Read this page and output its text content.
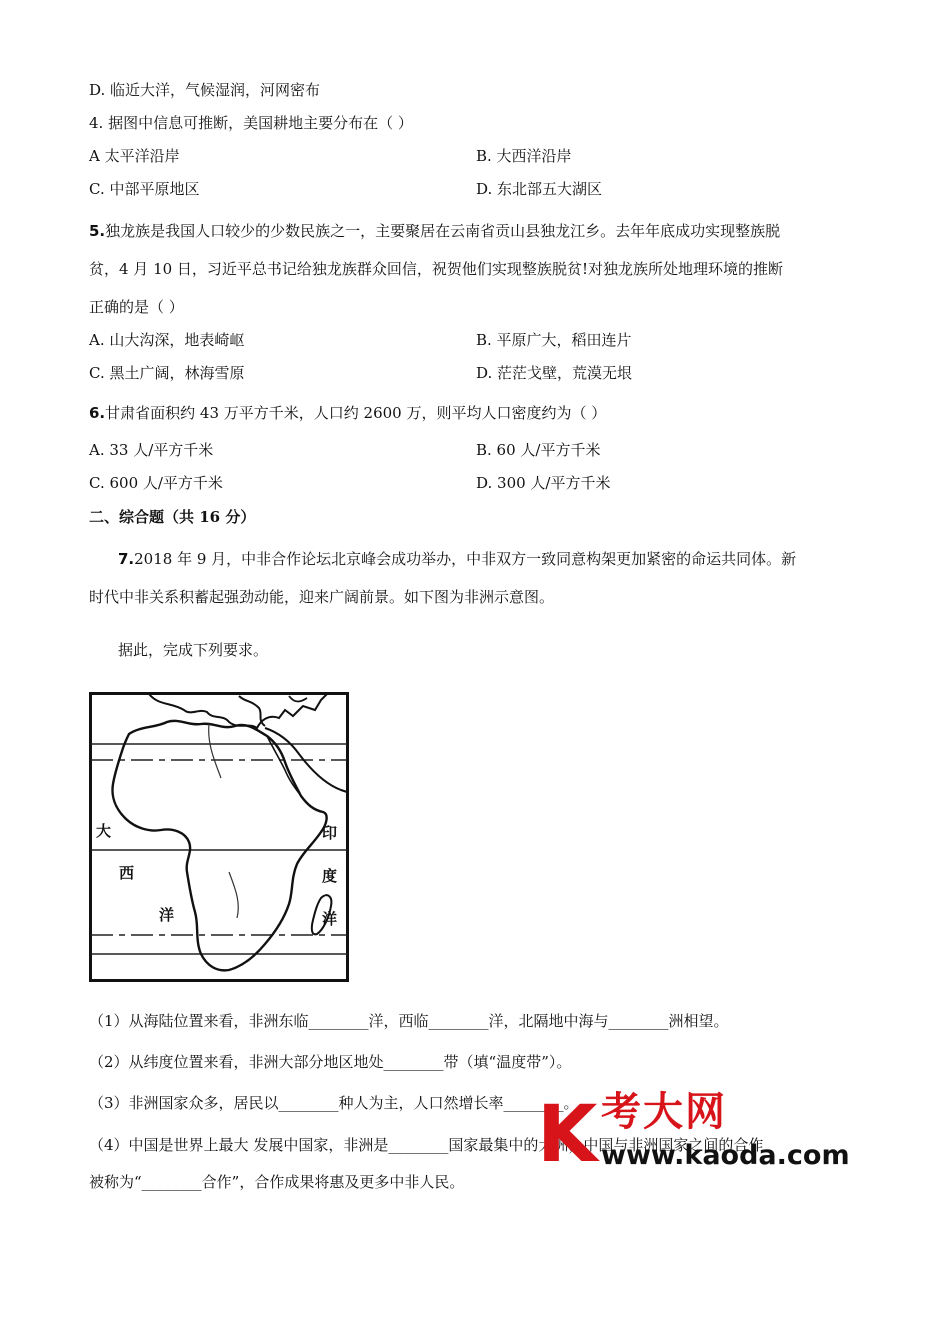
D. 临近大洋，气候湿润，河网密布
4. 据图中信息可推断，美国耕地主要分布在（ ）
A 太平洋沿岸	B. 大西洋沿岸
C. 中部平原地区	D. 东北部五大湖区
5.独龙族是我国人口较少的少数民族之一，主要聚居在云南省贡山县独龙江乡。去年年底成功实现整族脱
贫，4 月 10 日，习近平总书记给独龙族群众回信，祝贺他们实现整族脱贫!对独龙族所处地理环境的推断
正确的是（ ）
A. 山大沟深，地表崎岖	B. 平原广大，稻田连片
C. 黑土广阔，林海雪原	D. 茫茫戈壁，荒漠无垠
6.甘肃省面积约 43 万平方千米，人口约 2600 万，则平均人口密度约为（ ）
A. 33 人/平方千米	B. 60 人/平方千米
C. 600 人/平方千米	D. 300 人/平方千米
二、综合题（共 16 分）
7.2018 年 9 月，中非合作论坛北京峰会成功举办，中非双方一致同意构架更加紧密的命运共同体。新
时代中非关系积蓄起强劲动能，迎来广阔前景。如下图为非洲示意图。
据此，完成下列要求。
大
西
洋
印
度
洋
（1）从海陆位置来看，非洲东临________洋，西临________洋，北隔地中海与________洲相望。
（2）从纬度位置来看，非洲大部分地区地处________带（填“温度带”）。
（3）非洲国家众多，居民以________种人为主，人口然增长率________。
（4）中国是世界上最大 发展中国家，非洲是________国家最集中的大洲，中国与非洲国家之间的合作
被称为“________合作”，合作成果将惠及更多中非人民。
K 考大网
www.kaoda.com
